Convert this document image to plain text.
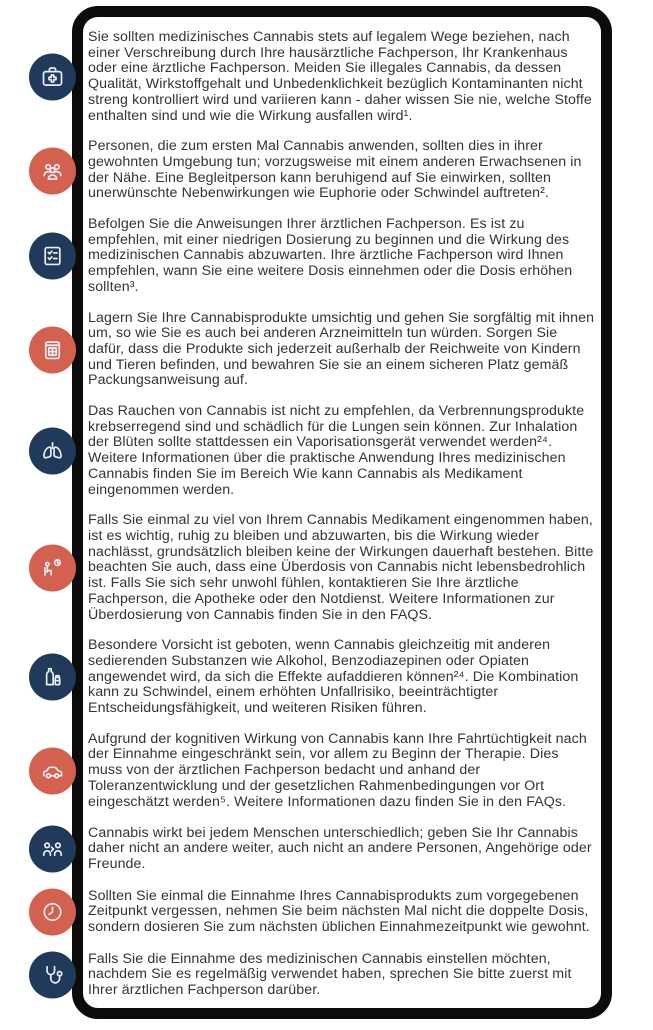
Sie sollten medizinisches Cannabis stets auf legalem Wege beziehen, nach einer Verschreibung durch Ihre hausärztliche Fachperson, Ihr Krankenhaus oder eine ärztliche Fachperson. Meiden Sie illegales Cannabis, da dessen Qualität, Wirkstoffgehalt und Unbedenklichkeit bezüglich Kontaminanten nicht streng kontrolliert wird und variieren kann - daher wissen Sie nie, welche Stoffe enthalten sind und wie die Wirkung ausfallen wird¹.

Personen, die zum ersten Mal Cannabis anwenden, sollten dies in ihrer gewohnten Umgebung tun; vorzugsweise mit einem anderen Erwachsenen in der Nähe. Eine Begleitperson kann beruhigend auf Sie einwirken, sollten unerwünschte Nebenwirkungen wie Euphorie oder Schwindel auftreten².

Befolgen Sie die Anweisungen Ihrer ärztlichen Fachperson. Es ist zu empfehlen, mit einer niedrigen Dosierung zu beginnen und die Wirkung des medizinischen Cannabis abzuwarten. Ihre ärztliche Fachperson wird Ihnen empfehlen, wann Sie eine weitere Dosis einnehmen oder die Dosis erhöhen sollten³.

Lagern Sie Ihre Cannabisprodukte umsichtig und gehen Sie sorgfältig mit ihnen um, so wie Sie es auch bei anderen Arzneimitteln tun würden. Sorgen Sie dafür, dass die Produkte sich jederzeit außerhalb der Reichweite von Kindern und Tieren befinden, und bewahren Sie sie an einem sicheren Platz gemäß Packungsanweisung auf.

Das Rauchen von Cannabis ist nicht zu empfehlen, da Verbrennungsprodukte krebserregend sind und schädlich für die Lungen sein können. Zur Inhalation der Blüten sollte stattdessen ein Vaporisationsgerät verwendet werden²⁴. Weitere Informationen über die praktische Anwendung Ihres medizinischen Cannabis finden Sie im Bereich Wie kann Cannabis als Medikament eingenommen werden.

Falls Sie einmal zu viel von Ihrem Cannabis Medikament eingenommen haben, ist es wichtig, ruhig zu bleiben und abzuwarten, bis die Wirkung wieder nachlässt, grundsätzlich bleiben keine der Wirkungen dauerhaft bestehen. Bitte beachten Sie auch, dass eine Überdosis von Cannabis nicht lebensbedrohlich ist. Falls Sie sich sehr unwohl fühlen, kontaktieren Sie Ihre ärztliche Fachperson, die Apotheke oder den Notdienst. Weitere Informationen zur Überdosierung von Cannabis finden Sie in den FAQS.

Besondere Vorsicht ist geboten, wenn Cannabis gleichzeitig mit anderen sedierenden Substanzen wie Alkohol, Benzodiazepinen oder Opiaten angewendet wird, da sich die Effekte aufaddieren können²⁴. Die Kombination kann zu Schwindel, einem erhöhten Unfallrisiko, beeinträchtigter Entscheidungsfähigkeit, und weiteren Risiken führen.

Aufgrund der kognitiven Wirkung von Cannabis kann Ihre Fahrtüchtigkeit nach der Einnahme eingeschränkt sein, vor allem zu Beginn der Therapie. Dies muss von der ärztlichen Fachperson bedacht und anhand der Toleranzentwicklung und der gesetzlichen Rahmenbedingungen vor Ort eingeschätzt werden⁵. Weitere Informationen dazu finden Sie in den FAQs.

Cannabis wirkt bei jedem Menschen unterschiedlich; geben Sie Ihr Cannabis daher nicht an andere weiter, auch nicht an andere Personen, Angehörige oder Freunde.

Sollten Sie einmal die Einnahme Ihres Cannabisprodukts zum vorgegebenen Zeitpunkt vergessen, nehmen Sie beim nächsten Mal nicht die doppelte Dosis, sondern dosieren Sie zum nächsten üblichen Einnahmezeitpunkt wie gewohnt.

Falls Sie die Einnahme des medizinischen Cannabis einstellen möchten, nachdem Sie es regelmäßig verwendet haben, sprechen Sie bitte zuerst mit Ihrer ärztlichen Fachperson darüber.
